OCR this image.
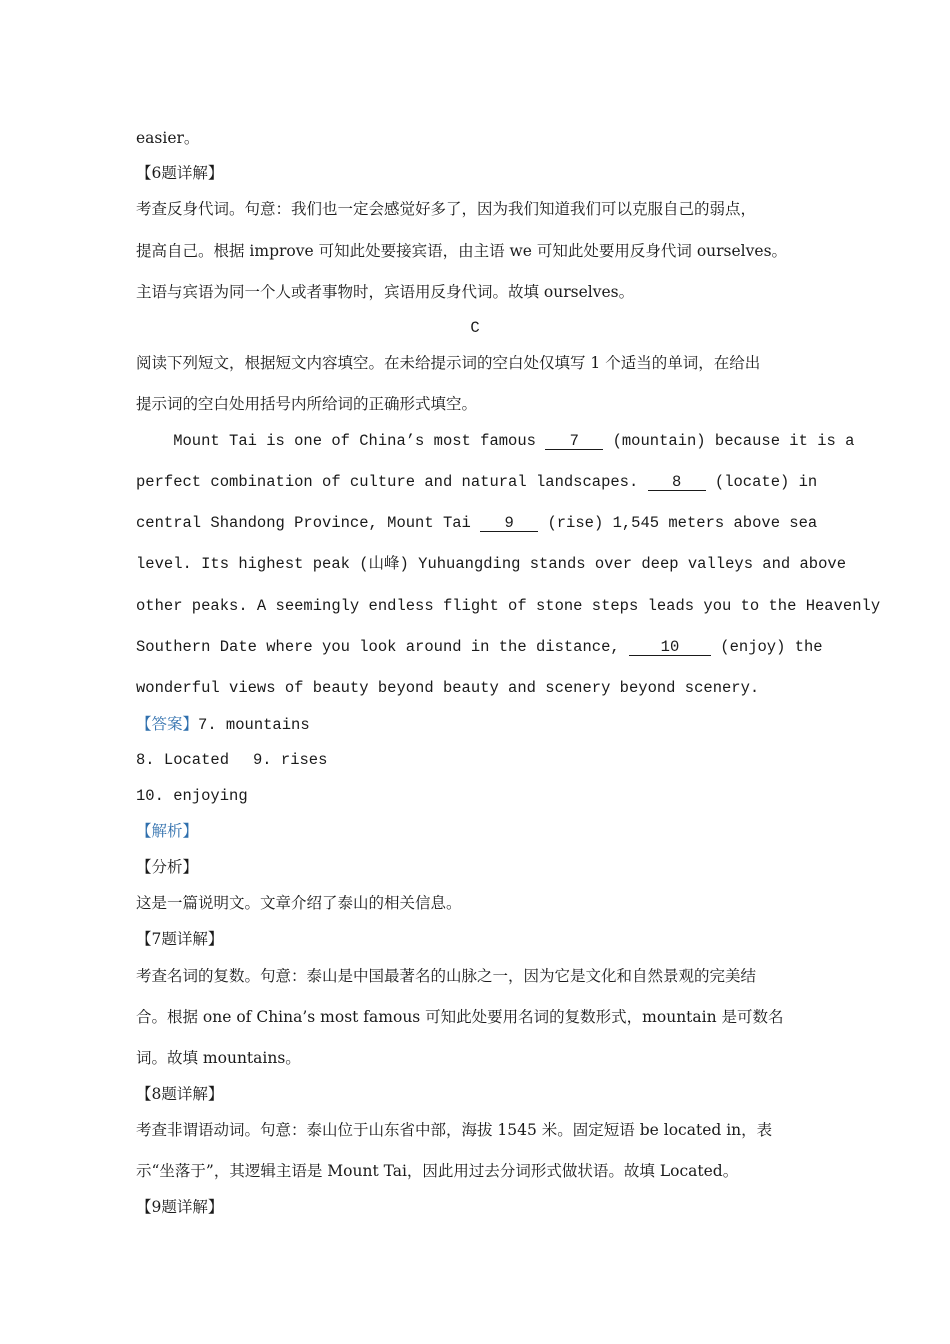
easier。
【6题详解】
考查反身代词。句意：我们也一定会感觉好多了，因为我们知道我们可以克服自己的弱点，
提高自己。根据 improve 可知此处要接宾语，由主语 we 可知此处要用反身代词 ourselves。
主语与宾语为同一个人或者事物时，宾语用反身代词。故填 ourselves。
C
阅读下列短文，根据短文内容填空。在未给提示词的空白处仅填写 1 个适当的单词，在给出
提示词的空白处用括号内所给词的正确形式填空。
Mount Tai is one of China’s most famous 7 (mountain) because it is a
perfect combination of culture and natural landscapes. 8 (locate) in
central Shandong Province, Mount Tai 9 (rise) 1,545 meters above sea
level. Its highest peak (山峰) Yuhuangding stands over deep valleys and above
other peaks. A seemingly endless flight of stone steps leads you to the Heavenly
Southern Date where you look around in the distance, 10 (enjoy) the
wonderful views of beauty beyond beauty and scenery beyond scenery.
【答案】7. mountains
8. Located 9. rises
10. enjoying
【解析】
【分析】
这是一篇说明文。文章介绍了泰山的相关信息。
【7题详解】
考查名词的复数。句意：泰山是中国最著名的山脉之一，因为它是文化和自然景观的完美结
合。根据 one of China’s most famous 可知此处要用名词的复数形式，mountain 是可数名
词。故填 mountains。
【8题详解】
考查非谓语动词。句意：泰山位于山东省中部，海拔 1545 米。固定短语 be located in，表
示“坐落于”，其逻辑主语是 Mount Tai，因此用过去分词形式做状语。故填 Located。
【9题详解】
